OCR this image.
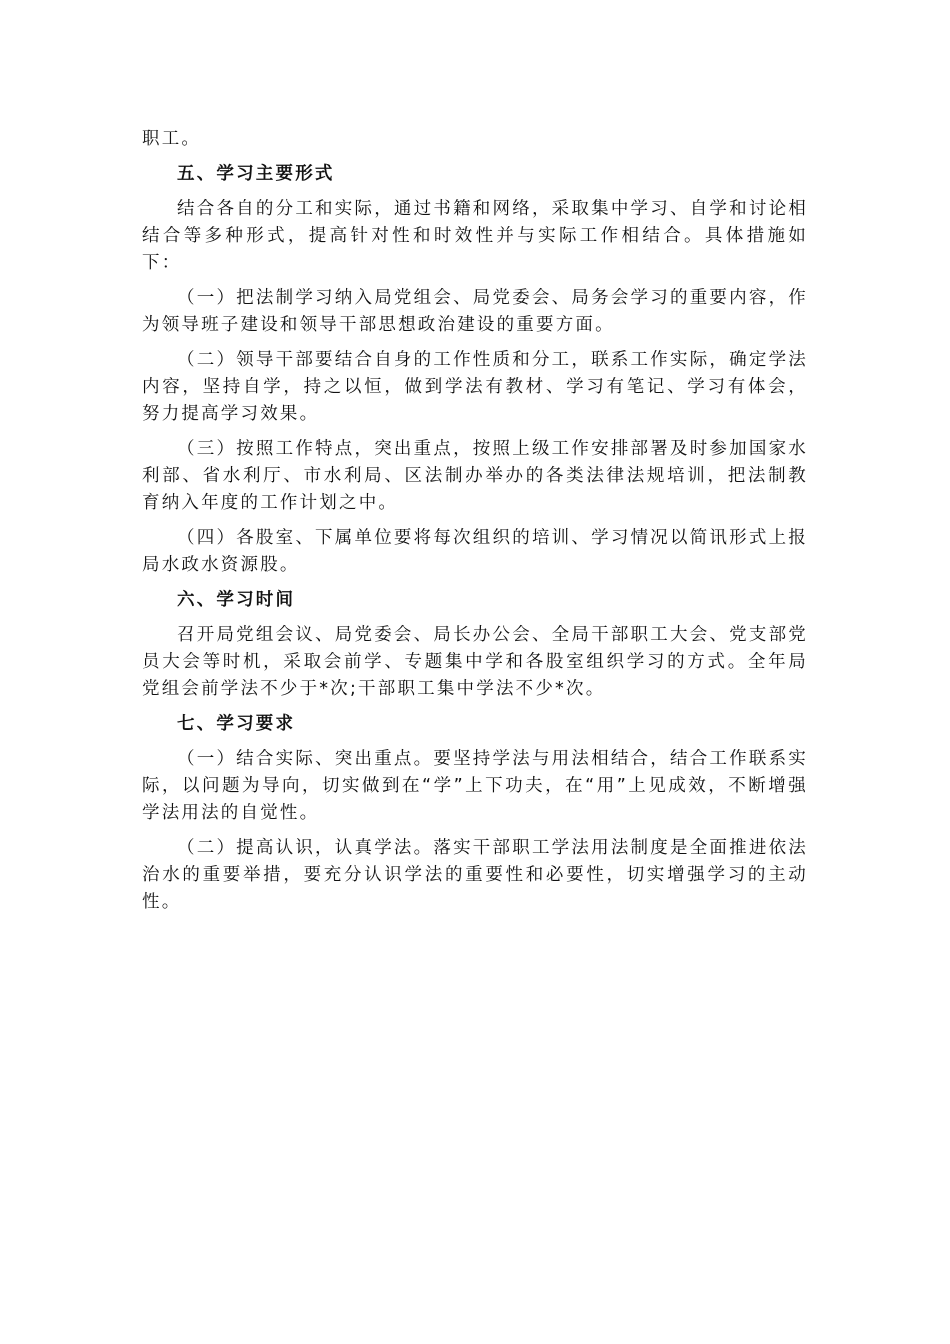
职工。

五、学习主要形式

结合各自的分工和实际，通过书籍和网络，采取集中学习、自学和讨论相结合等多种形式，提高针对性和时效性并与实际工作相结合。具体措施如下：

（一）把法制学习纳入局党组会、局党委会、局务会学习的重要内容，作为领导班子建设和领导干部思想政治建设的重要方面。

（二）领导干部要结合自身的工作性质和分工，联系工作实际，确定学法内容，坚持自学，持之以恒，做到学法有教材、学习有笔记、学习有体会，努力提高学习效果。

（三）按照工作特点，突出重点，按照上级工作安排部署及时参加国家水利部、省水利厅、市水利局、区法制办举办的各类法律法规培训，把法制教育纳入年度的工作计划之中。

（四）各股室、下属单位要将每次组织的培训、学习情况以简讯形式上报局水政水资源股。

六、学习时间

召开局党组会议、局党委会、局长办公会、全局干部职工大会、党支部党员大会等时机，采取会前学、专题集中学和各股室组织学习的方式。全年局党组会前学法不少于*次;干部职工集中学法不少*次。

七、学习要求

（一）结合实际、突出重点。要坚持学法与用法相结合，结合工作联系实际，以问题为导向，切实做到在“学”上下功夫，在“用”上见成效，不断增强学法用法的自觉性。

（二）提高认识，认真学法。落实干部职工学法用法制度是全面推进依法治水的重要举措，要充分认识学法的重要性和必要性，切实增强学习的主动性。
